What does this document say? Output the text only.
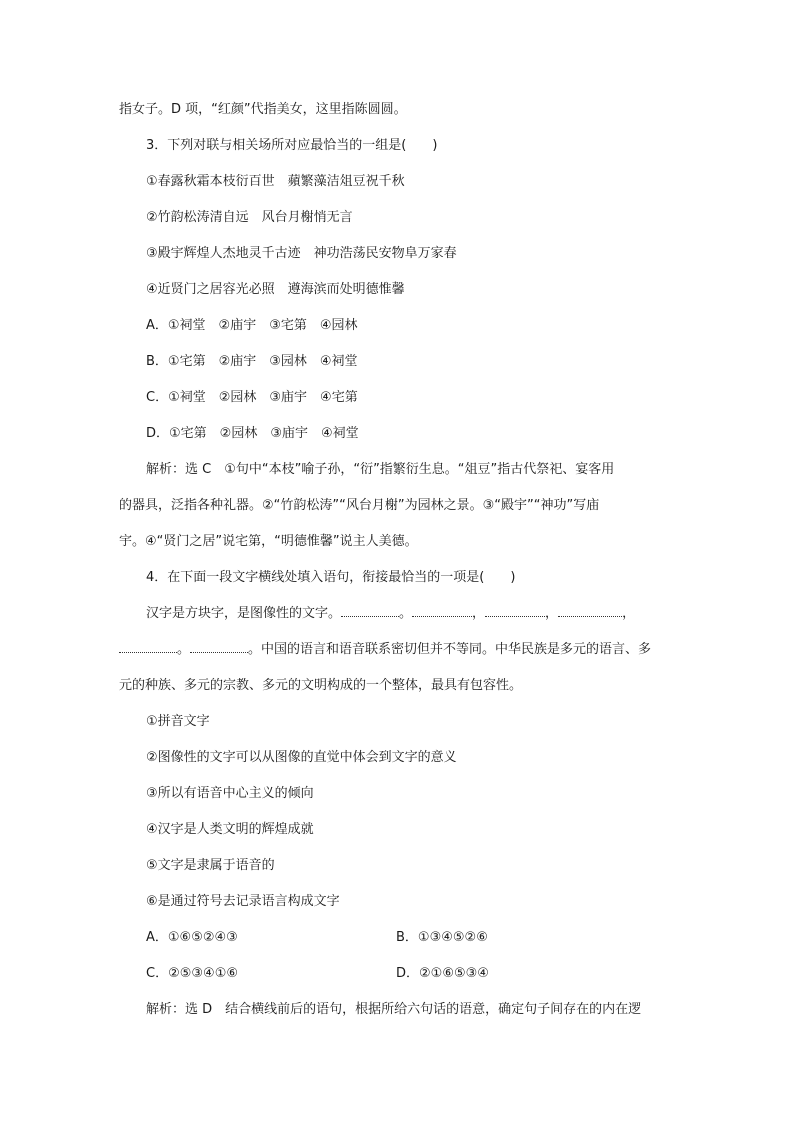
指女子。D 项，“红颜”代指美女，这里指陈圆圆。
3．下列对联与相关场所对应最恰当的一组是(　　)
①春露秋霜本枝衍百世　蘋繁藻洁俎豆祝千秋
②竹韵松涛清自远　风台月榭悄无言
③殿宇辉煌人杰地灵千古迹　神功浩荡民安物阜万家春
④近贤门之居容光必照　遵海滨而处明德惟馨
A．①祠堂　②庙宇　③宅第　④园林
B．①宅第　②庙宇　③园林　④祠堂
C．①祠堂　②园林　③庙宇　④宅第
D．①宅第　②园林　③庙宇　④祠堂
解析：选 C　①句中“本枝”喻子孙，“衍”指繁衍生息。“俎豆”指古代祭祀、宴客用
的器具，泛指各种礼器。②“竹韵松涛”“风台月榭”为园林之景。③“殿宇”“神功”写庙
宇。④“贤门之居”说宅第，“明德惟馨”说主人美德。
4．在下面一段文字横线处填入语句，衔接最恰当的一项是(　　)
汉字是方块字，是图像性的文字。	。	，	，	，
。	。中国的语言和语音联系密切但并不等同。中华民族是多元的语言、多
元的种族、多元的宗教、多元的文明构成的一个整体，最具有包容性。
①拼音文字
②图像性的文字可以从图像的直觉中体会到文字的意义
③所以有语音中心主义的倾向
④汉字是人类文明的辉煌成就
⑤文字是隶属于语音的
⑥是通过符号去记录语言构成文字
A．①⑥⑤②④③	B．①③④⑤②⑥
C．②⑤③④①⑥	D．②①⑥⑤③④
解析：选 D　结合横线前后的语句，根据所给六句话的语意，确定句子间存在的内在逻
